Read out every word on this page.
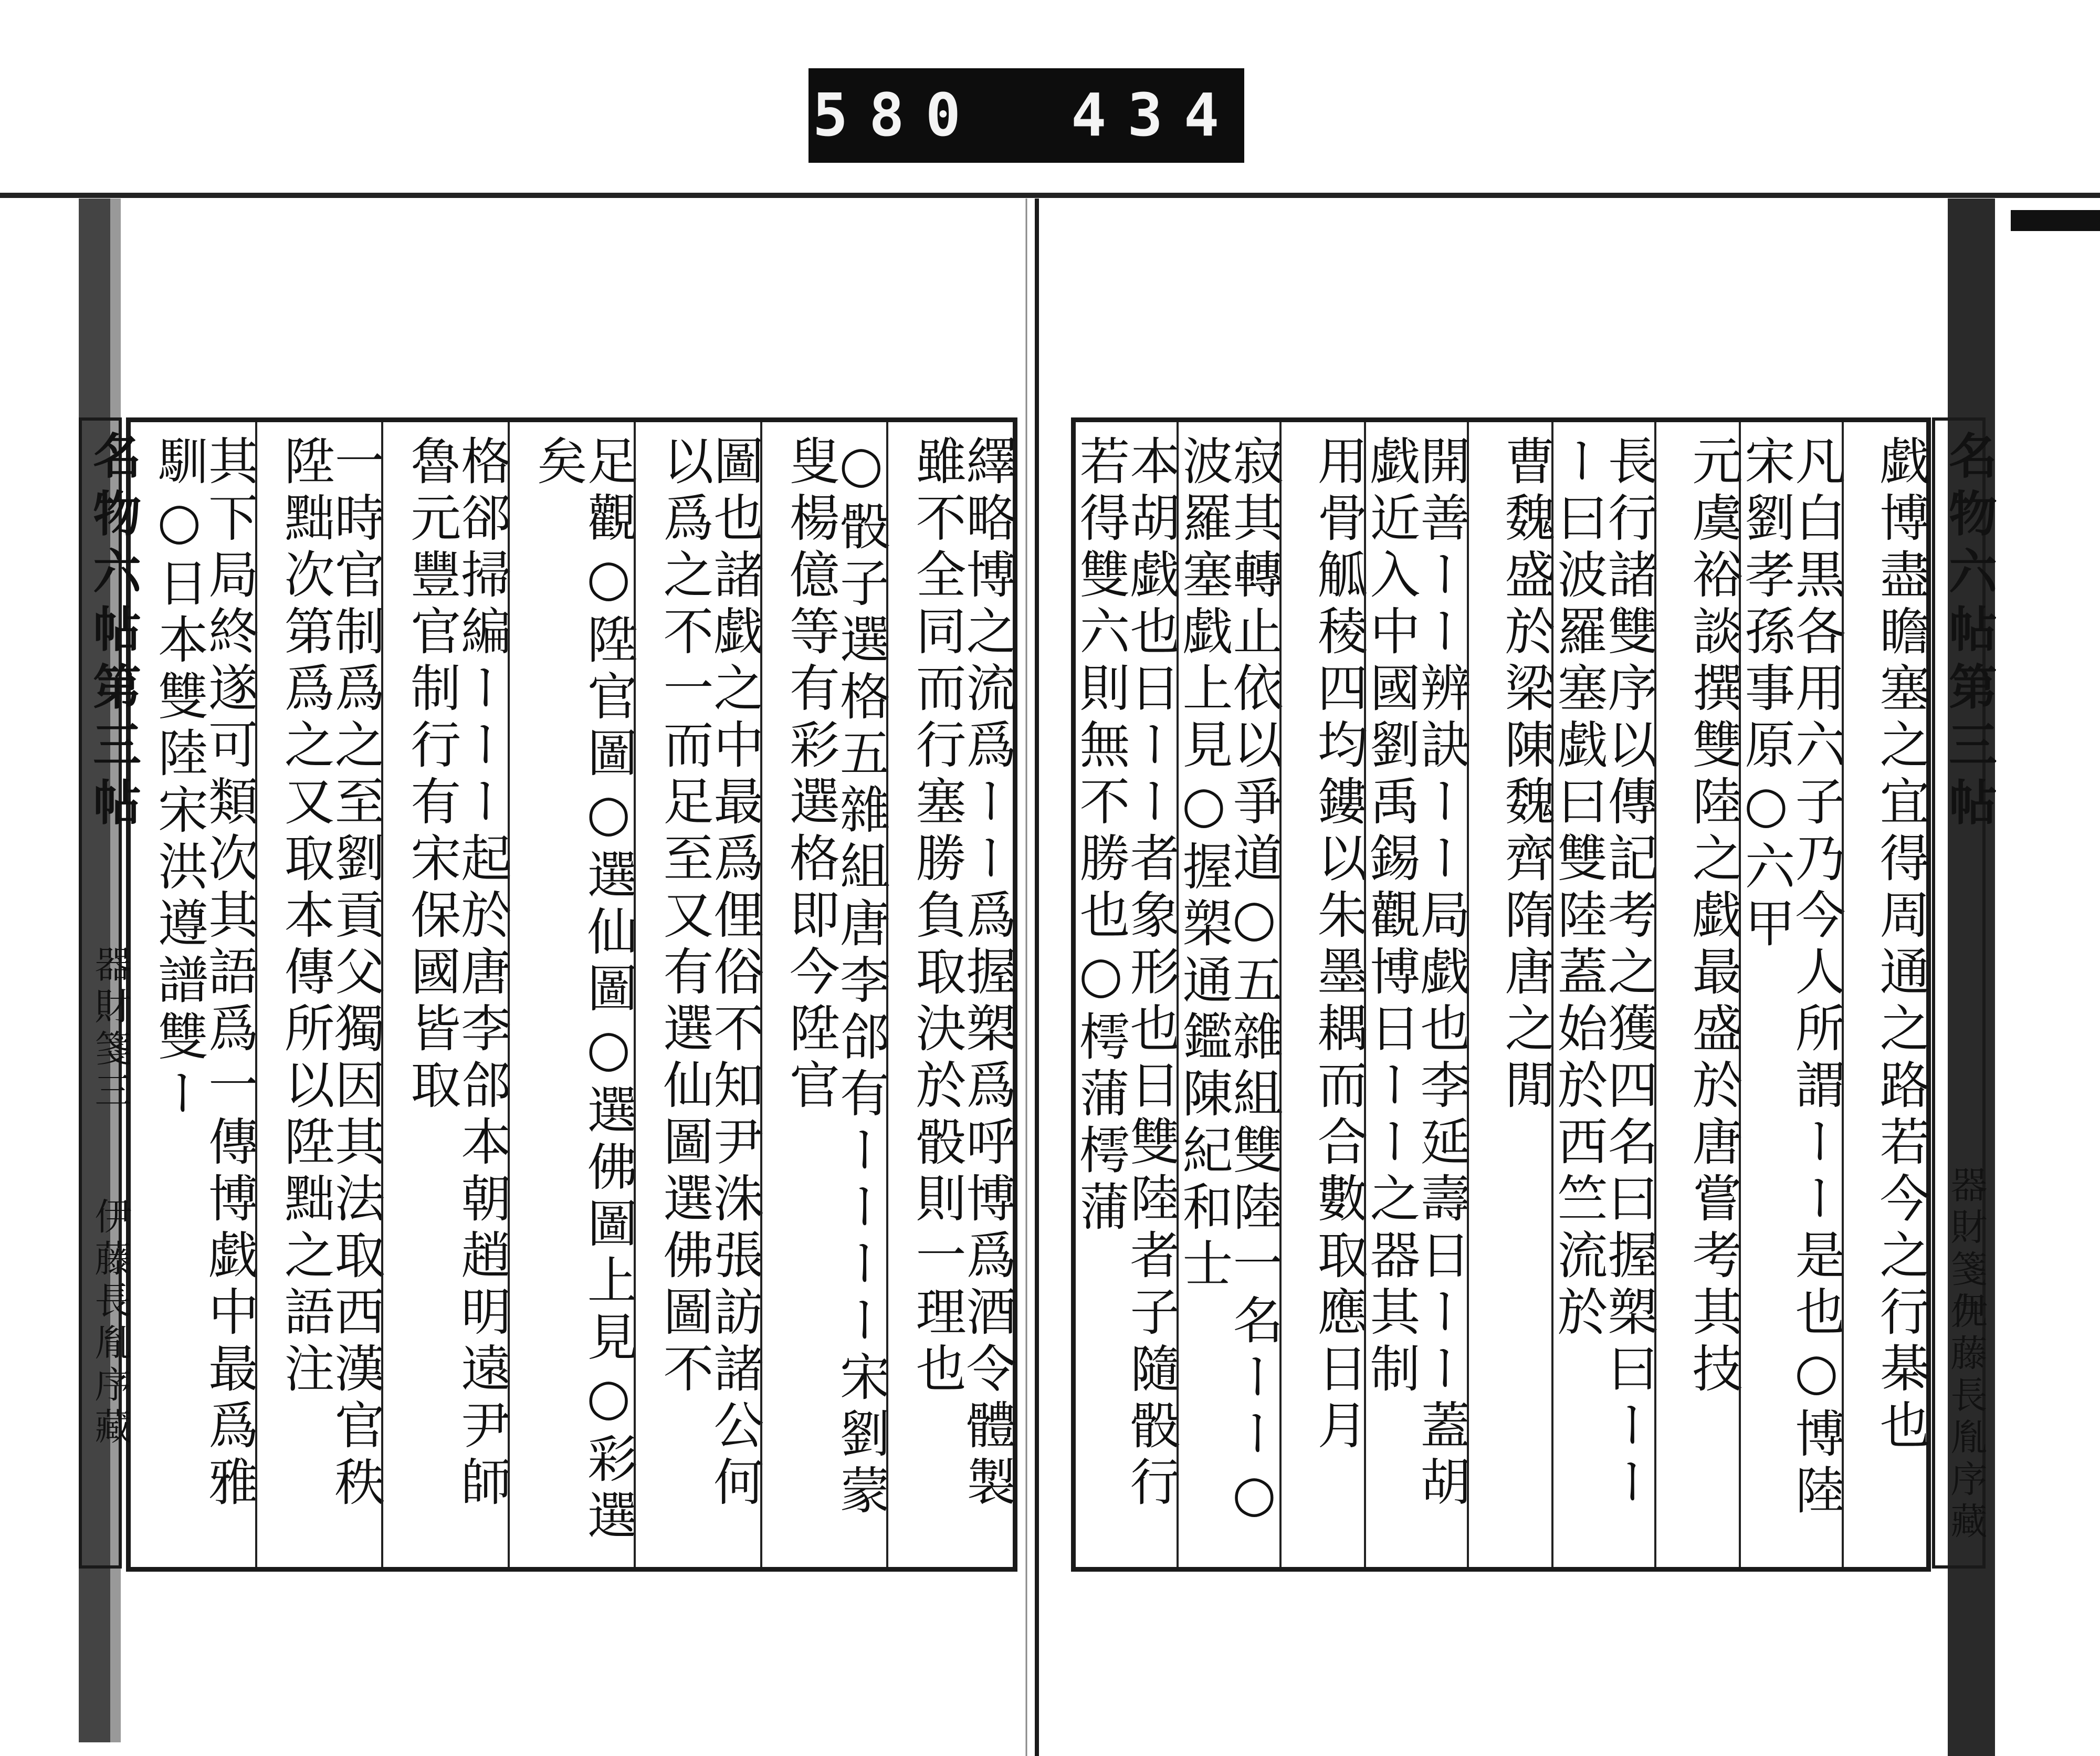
580 434
繹略博之流爲ーー爲握槊爲呼博爲酒令體製雖不全同而行塞勝負取決於骰則一理也
○骰子選格五雜組唐李郃有ーーーー宋劉蒙叟楊億等有彩選格即今陞官
圖也諸戯之中最爲俚俗不知尹洙張訪諸公何以爲之不一而足至又有選仙圖選佛圖不
足觀○陞官圖○選仙圖○選佛圖上見○彩選矣
格郤掃編ーーー起於唐李郃本朝趙明遠尹師魯元豐官制行有宋保國皆取
一時官制爲之至劉貢父獨因其法取西漢官秩陞黜次第爲之又取本傳所以陞黜之語注
其下局終遂可類次其語爲一傳博戯中最爲雅馴○日本雙陸宋洪遵譜雙ー
名物六帖第三帖
器財箋三
伊藤長胤序藏	戯博盡瞻塞之宜得周通之路若今之行棊也
凡白黒各用六子乃今人所謂ーー是也○博陸宋劉孝孫事原○六甲
元虞裕談撰雙陸之戯最盛於唐嘗考其技
長行諸雙序以傳記考之獲四名曰握槊曰ーーー曰波羅塞戯曰雙陸蓋始於西竺流於
曹魏盛於梁陳魏齊隋唐之閒
開善ーー辨訣ーー局戯也李延壽日ーー蓋胡戯近入中國劉禹錫觀博日ーー之器其制
用骨觚稜四均鏤以朱墨耦而合數取應日月
寂其轉止依以爭道○五雜組雙陸一名ーー○波羅塞戯上見○握槊通鑑陳紀和士
本胡戯也日ーー者象形也日雙陸者子隨骰行若得雙六則無不勝也○樗蒲樗蒲	名物六帖第三帖
器財箋九
伊藤長胤序藏
